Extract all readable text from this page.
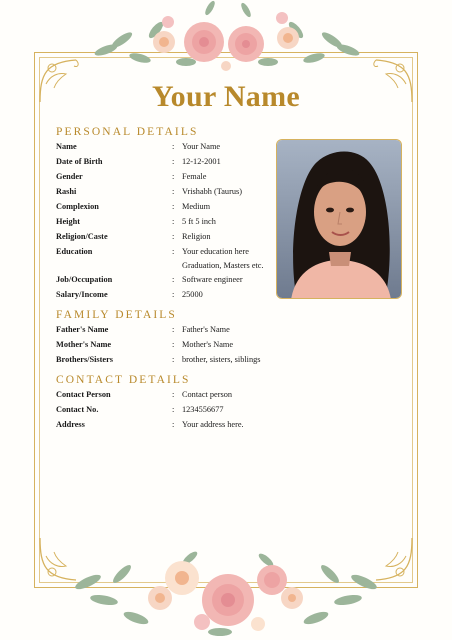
Your Name
PERSONAL DETAILS
Name	: Your Name
Date of Birth	: 12-12-2001
Gender	: Female
Rashi	: Vrishabh (Taurus)
Complexion	: Medium
Height	: 5 ft 5 inch
Religion/Caste	: Religion
Education	: Your education here
Graduation, Masters etc.
Job/Occupation	: Software engineer
Salary/Income	: 25000
FAMILY DETAILS
Father's Name	: Father's Name
Mother's Name	: Mother's Name
Brothers/Sisters	: brother, sisters, siblings
CONTACT DETAILS
Contact Person	: Contact person
Contact No.	: 1234556677
Address	: Your address here.
